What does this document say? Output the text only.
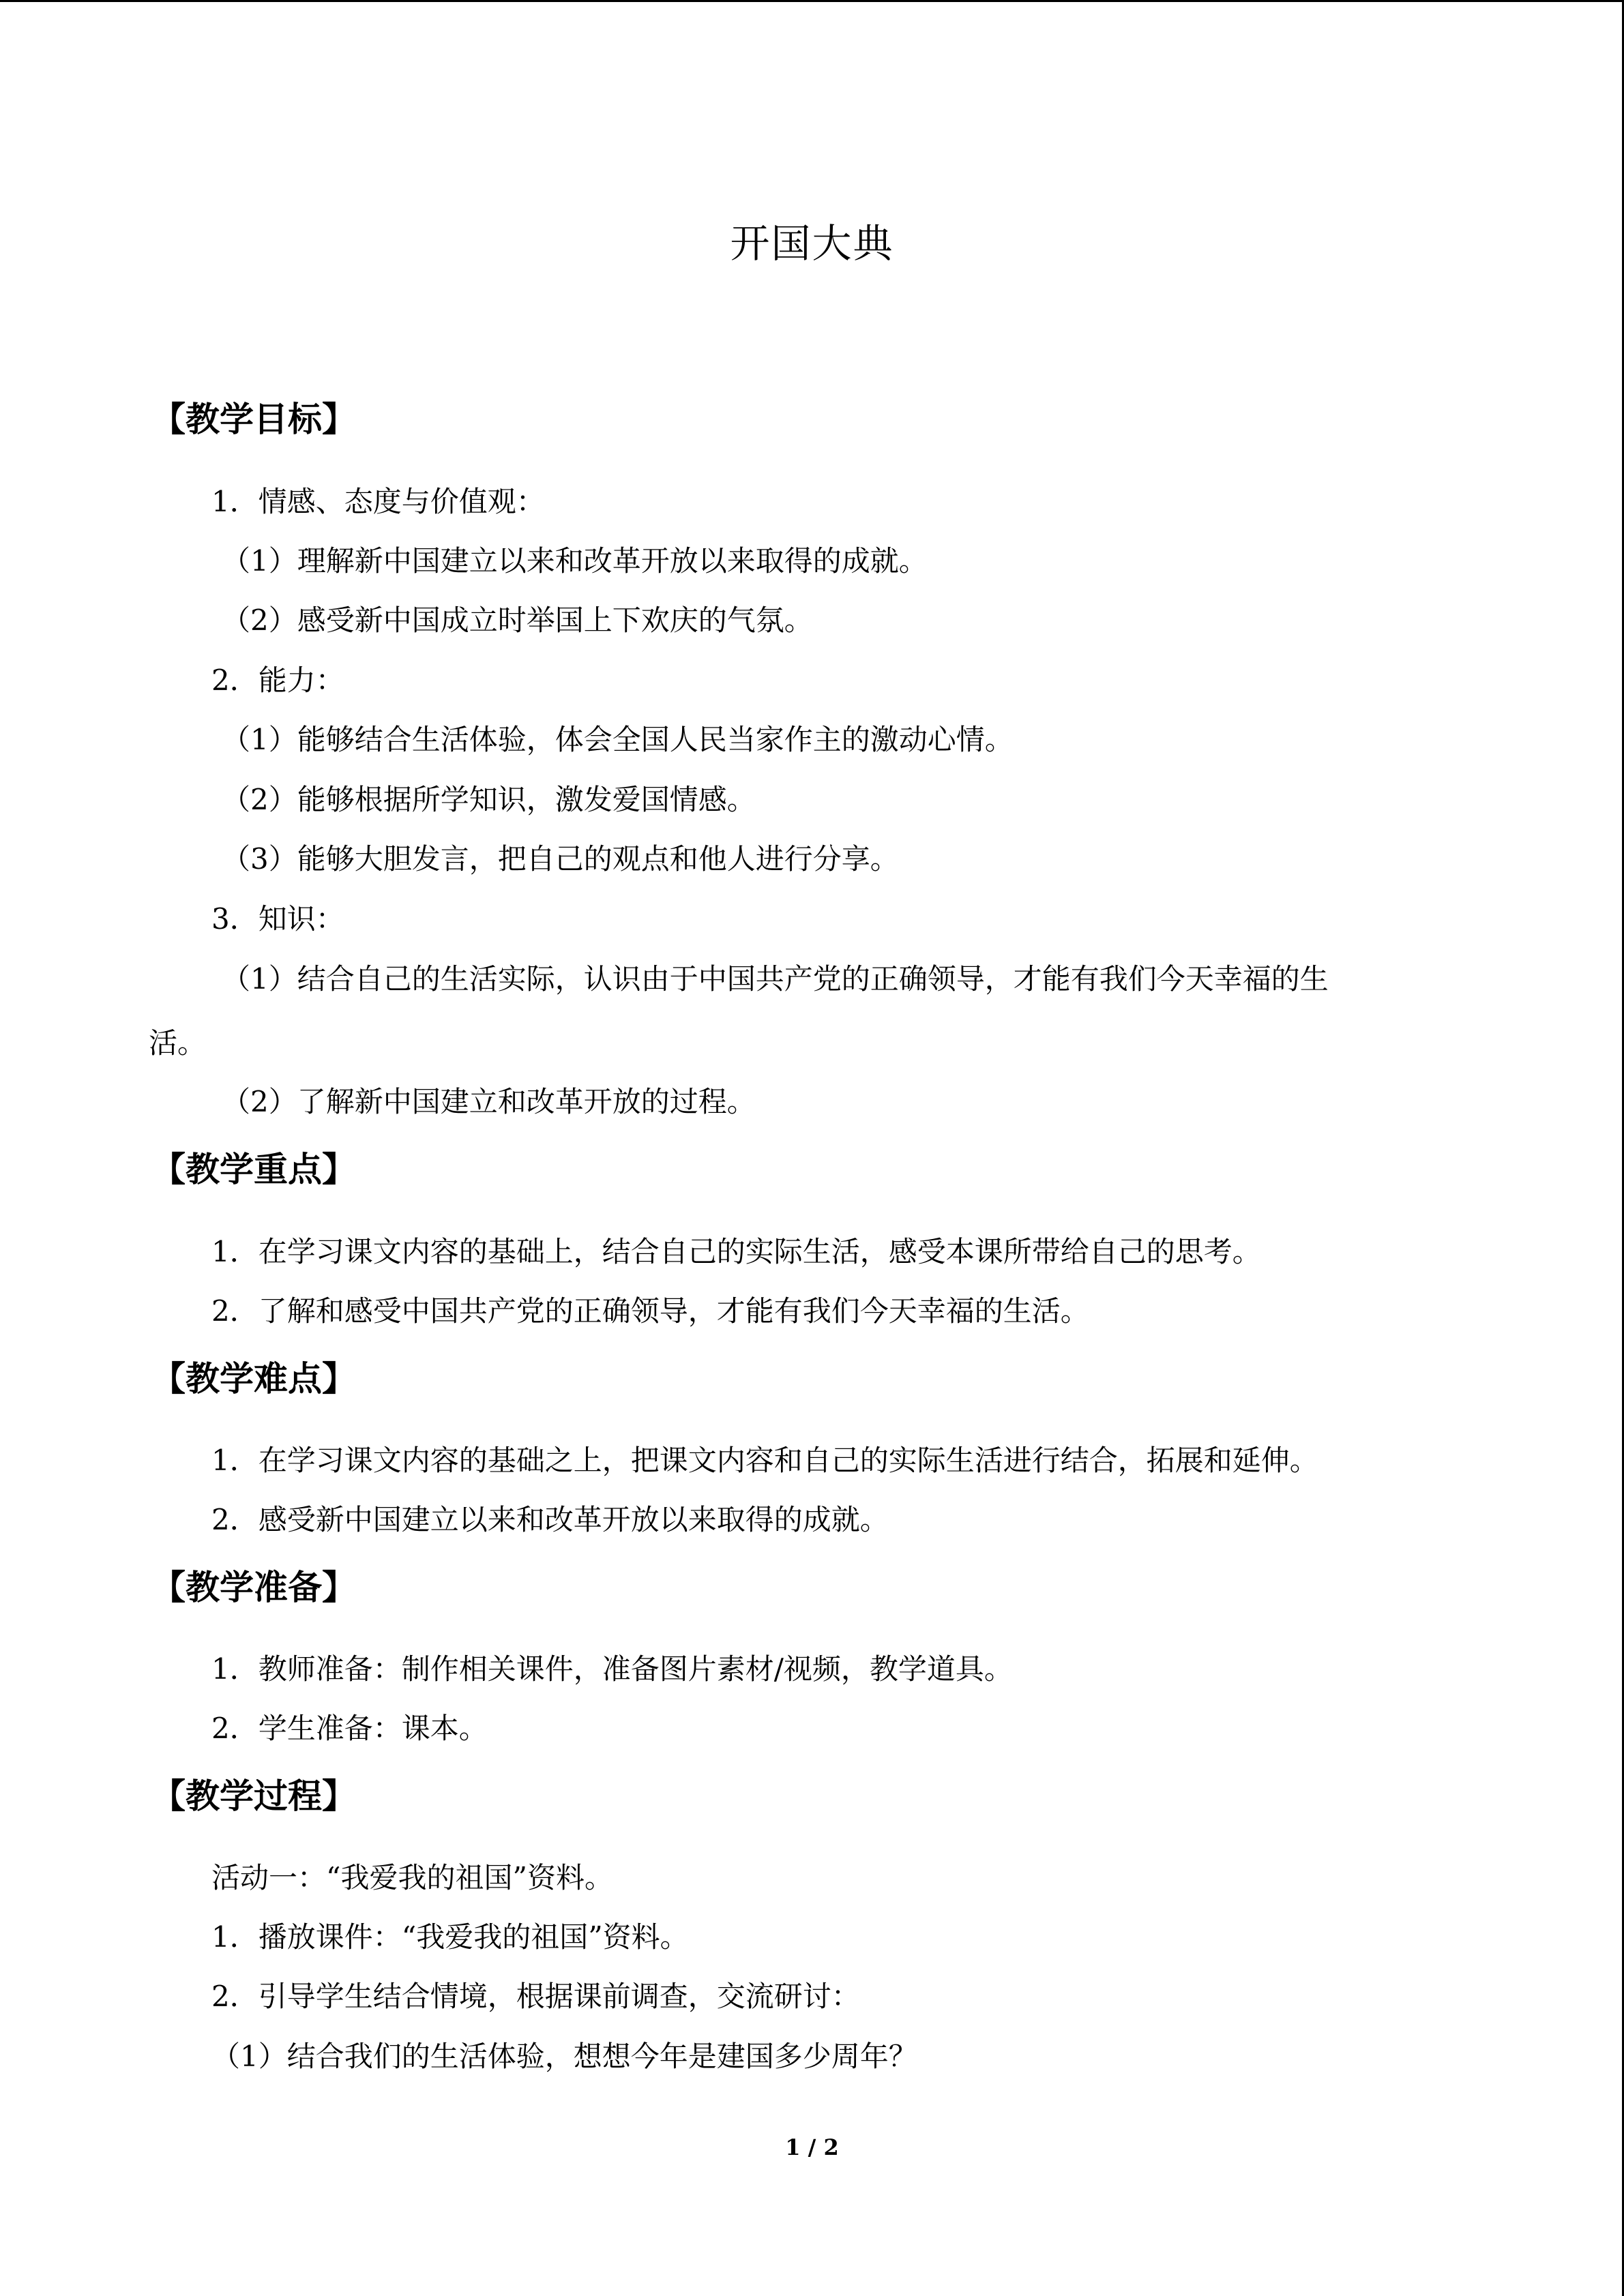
开国大典
【教学目标】
1．情感、态度与价值观：
（1）理解新中国建立以来和改革开放以来取得的成就。
（2）感受新中国成立时举国上下欢庆的气氛。
2．能力：
（1）能够结合生活体验，体会全国人民当家作主的激动心情。
（2）能够根据所学知识，激发爱国情感。
（3）能够大胆发言，把自己的观点和他人进行分享。
3．知识：
（1）结合自己的生活实际，认识由于中国共产党的正确领导，才能有我们今天幸福的生
活。
（2）了解新中国建立和改革开放的过程。
【教学重点】
1．在学习课文内容的基础上，结合自己的实际生活，感受本课所带给自己的思考。
2．了解和感受中国共产党的正确领导，才能有我们今天幸福的生活。
【教学难点】
1．在学习课文内容的基础之上，把课文内容和自己的实际生活进行结合，拓展和延伸。
2．感受新中国建立以来和改革开放以来取得的成就。
【教学准备】
1．教师准备：制作相关课件，准备图片素材/视频，教学道具。
2．学生准备：课本。
【教学过程】
活动一：“我爱我的祖国”资料。
1．播放课件：“我爱我的祖国”资料。
2．引导学生结合情境，根据课前调查，交流研讨：
（1）结合我们的生活体验，想想今年是建国多少周年？
1 / 2
